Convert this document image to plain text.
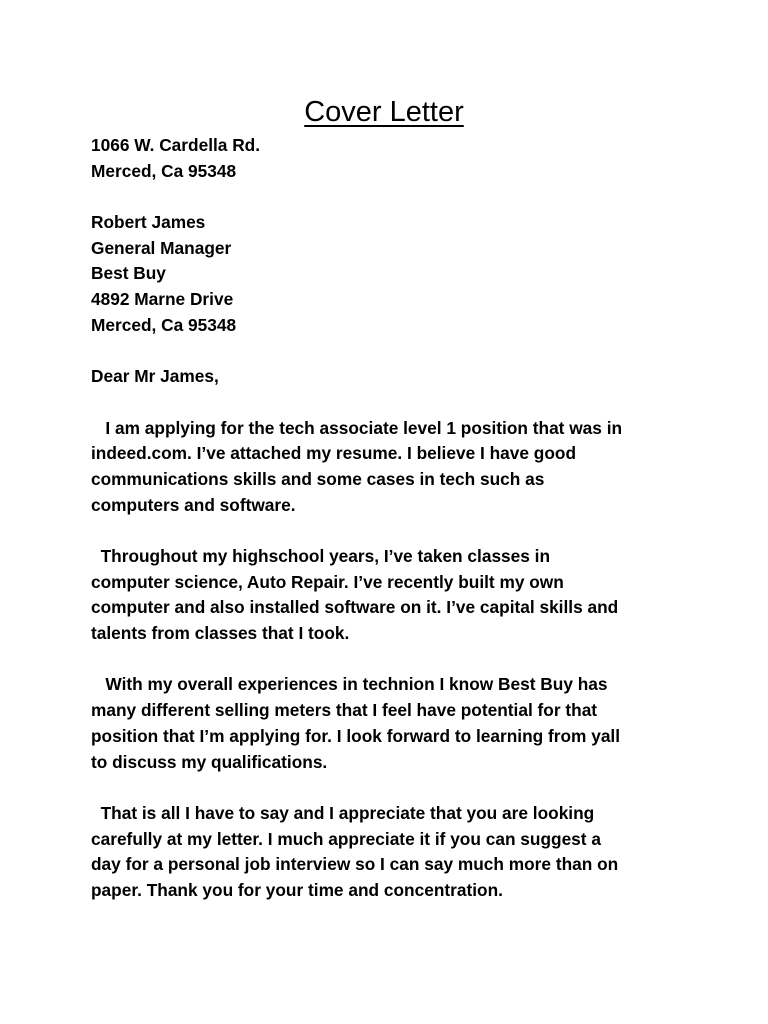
Cover Letter
1066 W. Cardella Rd.
Merced, Ca 95348
Robert James
General Manager
Best Buy
4892 Marne Drive
Merced, Ca 95348
Dear Mr James,
I am applying for the tech associate level 1 position that was in
indeed.com. I’ve attached my resume. I believe I have good
communications skills and some cases in tech such as
computers and software.
Throughout my highschool years, I’ve taken classes in
computer science, Auto Repair. I’ve recently built my own
computer and also installed software on it. I’ve capital skills and
talents from classes that I took.
With my overall experiences in technion I know Best Buy has
many different selling meters that I feel have potential for that
position that I’m applying for. I look forward to learning from yall
to discuss my qualifications.
That is all I have to say and I appreciate that you are looking
carefully at my letter. I much appreciate it if you can suggest a
day for a personal job interview so I can say much more than on
paper. Thank you for your time and concentration.
